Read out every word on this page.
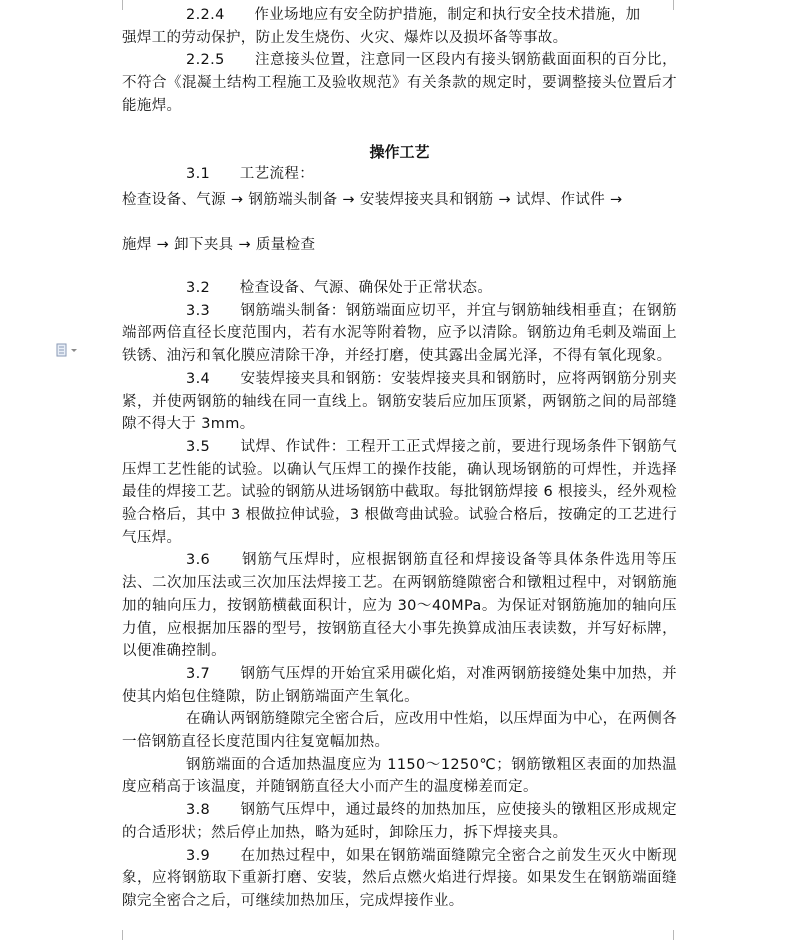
2.2.4　　作业场地应有安全防护措施，制定和执行安全技术措施，加

强焊工的劳动保护，防止发生烧伤、火灾、爆炸以及损坏备等事故。

2.2.5　　注意接头位置，注意同一区段内有接头钢筋截面面积的百分比，不符合《混凝土结构工程施工及验收规范》有关条款的规定时，要调整接头位置后才能施焊。

操作工艺

3.1　　工艺流程：

检查设备、气源 → 钢筋端头制备 → 安装焊接夹具和钢筋 → 试焊、作试件 →
施焊 → 卸下夹具 → 质量检查

3.2　　检查设备、气源、确保处于正常状态。

3.3　　钢筋端头制备：钢筋端面应切平，并宜与钢筋轴线相垂直；在钢筋端部两倍直径长度范围内，若有水泥等附着物，应予以清除。钢筋边角毛刺及端面上铁锈、油污和氧化膜应清除干净，并经打磨，使其露出金属光泽，不得有氧化现象。

3.4　　安装焊接夹具和钢筋：安装焊接夹具和钢筋时，应将两钢筋分别夹紧，并使两钢筋的轴线在同一直线上。钢筋安装后应加压顶紧，两钢筋之间的局部缝隙不得大于 3mm。

3.5　　试焊、作试件：工程开工正式焊接之前，要进行现场条件下钢筋气压焊工艺性能的试验。以确认气压焊工的操作技能，确认现场钢筋的可焊性，并选择最佳的焊接工艺。试验的钢筋从进场钢筋中截取。每批钢筋焊接 6 根接头，经外观检验合格后，其中 3 根做拉伸试验，3 根做弯曲试验。试验合格后，按确定的工艺进行气压焊。

3.6　　钢筋气压焊时，应根据钢筋直径和焊接设备等具体条件选用等压法、二次加压法或三次加压法焊接工艺。在两钢筋缝隙密合和镦粗过程中，对钢筋施加的轴向压力，按钢筋横截面积计，应为 30～40MPa。为保证对钢筋施加的轴向压力值，应根据加压器的型号，按钢筋直径大小事先换算成油压表读数，并写好标牌，以便准确控制。

3.7　　钢筋气压焊的开始宜采用碳化焰，对准两钢筋接缝处集中加热，并使其内焰包住缝隙，防止钢筋端面产生氧化。

在确认两钢筋缝隙完全密合后，应改用中性焰，以压焊面为中心，在两侧各一倍钢筋直径长度范围内往复宽幅加热。

钢筋端面的合适加热温度应为 1150～1250℃；钢筋镦粗区表面的加热温度应稍高于该温度，并随钢筋直径大小而产生的温度梯差而定。

3.8　　钢筋气压焊中，通过最终的加热加压，应使接头的镦粗区形成规定的合适形状；然后停止加热，略为延时，卸除压力，拆下焊接夹具。

3.9　　在加热过程中，如果在钢筋端面缝隙完全密合之前发生灭火中断现象，应将钢筋取下重新打磨、安装，然后点燃火焰进行焊接。如果发生在钢筋端面缝隙完全密合之后，可继续加热加压，完成焊接作业。
